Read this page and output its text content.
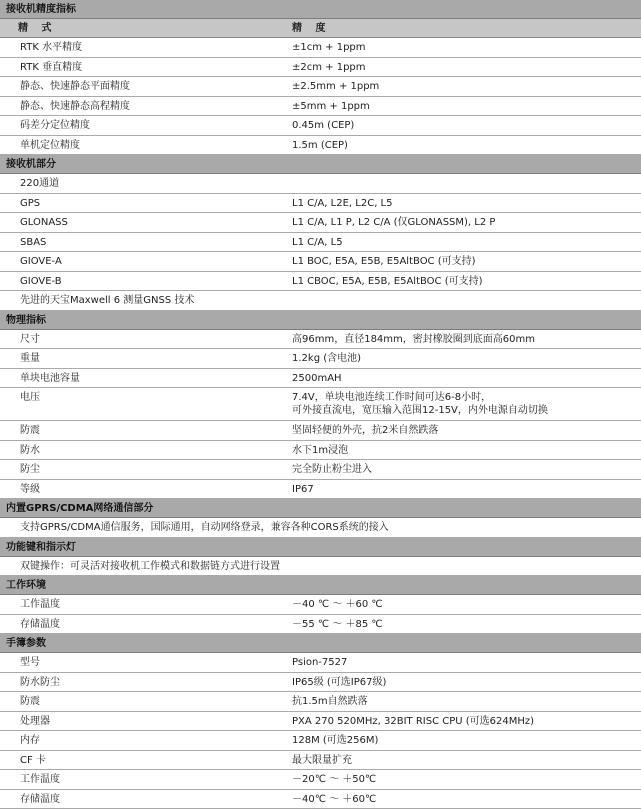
接收机精度指标
精 式	精 度
RTK 水平精度	±1cm + 1ppm
RTK 垂直精度	±2cm + 1ppm
静态、快速静态平面精度	±2.5mm + 1ppm
静态、快速静态高程精度	±5mm + 1ppm
码差分定位精度	0.45m (CEP)
单机定位精度	1.5m (CEP)
接收机部分
220通道
GPS	L1 C/A, L2E, L2C, L5
GLONASS	L1 C/A, L1 P, L2 C/A (仅GLONASSM), L2 P
SBAS	L1 C/A, L5
GIOVE-A	L1 BOC, E5A, E5B, E5AltBOC (可支持)
GIOVE-B	L1 CBOC, E5A, E5B, E5AltBOC (可支持)
先进的天宝Maxwell 6 测量GNSS 技术
物理指标
尺寸	高96mm，直径184mm，密封橡胶圈到底面高60mm
重量	1.2kg (含电池)
单块电池容量	2500mAH
电压	7.4V，单块电池连续工作时间可达6-8小时，
可外接直流电，宽压输入范围12-15V，内外电源自动切换
防震	坚固轻便的外壳，抗2米自然跌落
防水	水下1m浸泡
防尘	完全防止粉尘进入
等级	IP67
内置GPRS/CDMA网络通信部分
支持GPRS/CDMA通信服务，国际通用，自动网络登录，兼容各种CORS系统的接入
功能键和指示灯
双键操作：可灵活对接收机工作模式和数据链方式进行设置
工作环境
工作温度	－40 ℃ ～ ＋60 ℃
存储温度	－55 ℃ ～ ＋85 ℃
手簿参数
型号	Psion-7527
防水防尘	IP65级 (可选IP67级)
防震	抗1.5m自然跌落
处理器	PXA 270 520MHz, 32BIT RISC CPU (可选624MHz)
内存	128M (可选256M)
CF 卡	最大限量扩充
工作温度	－20℃ ～ ＋50℃
存储温度	－40℃ ～ ＋60℃
